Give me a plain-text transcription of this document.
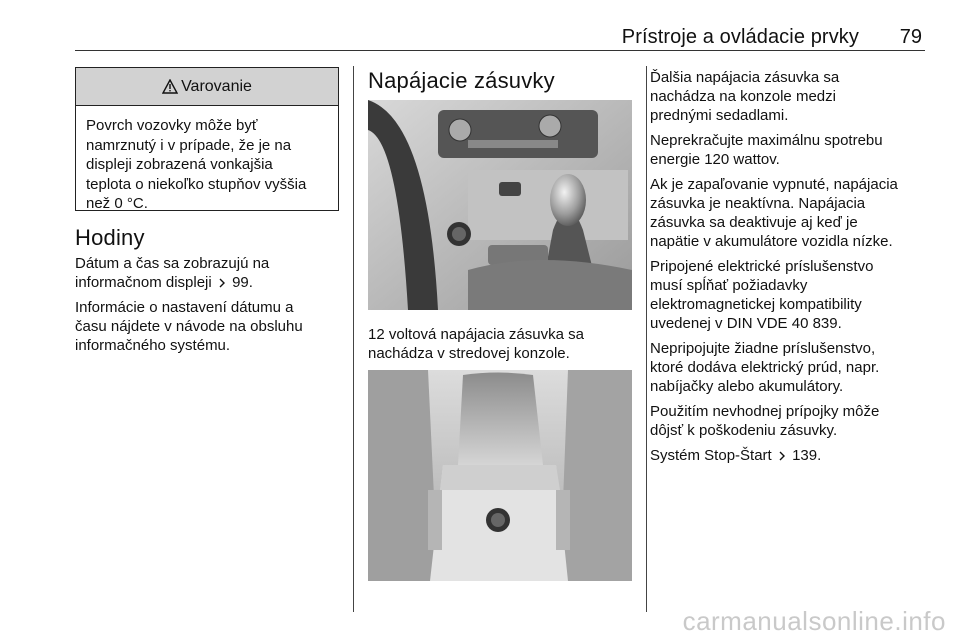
Prístroje a ovládacie prvky 79
Varovanie
Povrch vozovky môže byť
namrznutý i v prípade, že je na
displeji zobrazená vonkajšia
teplota o niekoľko stupňov vyššia
než 0 °C.
Hodiny

Dátum a čas sa zobrazujú na
informačnom displeji 99.

Informácie o nastavení dátumu a
času nájdete v návode na obsluhu
informačného systému.

Napájacie zásuvky
12 voltová napájacia zásuvka sa
nachádza v stredovej konzole.

Ďalšia napájacia zásuvka sa
nachádza na konzole medzi
prednými sedadlami.

Neprekračujte maximálnu spotrebu
energie 120 wattov.

Ak je zapaľovanie vypnuté, napájacia
zásuvka je neaktívna. Napájacia
zásuvka sa deaktivuje aj keď je
napätie v akumulátore vozidla nízke.

Pripojené elektrické príslušenstvo
musí spĺňať požiadavky
elektromagnetickej kompatibility
uvedenej v DIN VDE 40 839.

Nepripojujte žiadne príslušenstvo,
ktoré dodáva elektrický prúd, napr.
nabíjačky alebo akumulátory.

Použitím nevhodnej prípojky môže
dôjsť k poškodeniu zásuvky.

Systém Stop-Štart 139.

carmanualsonline.info
